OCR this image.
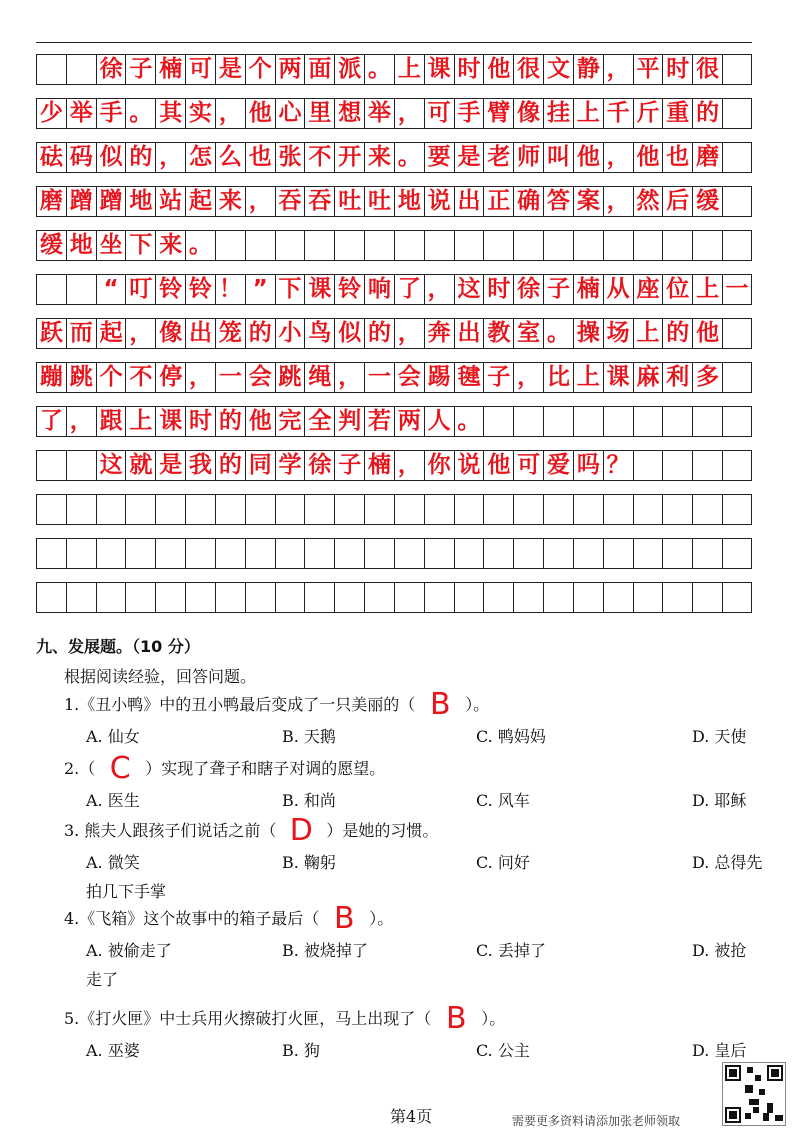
徐 子 楠 可 是 个 两 面 派 。 上 课 时 他 很 文 静 ， 平 时 很
少 举 手 。 其 实 ， 他 心 里 想 举 ， 可 手 臂 像 挂 上 千 斤 重 的
砝 码 似 的 ， 怎 么 也 张 不 开 来 。 要 是 老 师 叫 他 ， 他 也 磨
磨 蹭 蹭 地 站 起 来 ， 吞 吞 吐 吐 地 说 出 正 确 答 案 ， 然 后 缓
缓 地 坐 下 来 。
“ 叮 铃 铃 ！ ” 下 课 铃 响 了 ， 这 时 徐 子 楠 从 座 位 上 一
跃 而 起 ， 像 出 笼 的 小 鸟 似 的 ， 奔 出 教 室 。 操 场 上 的 他
蹦 跳 个 不 停 ， 一 会 跳 绳 ， 一 会 踢 毽 子 ， 比 上 课 麻 利 多
了 ， 跟 上 课 时 的 他 完 全 判 若 两 人 。
这 就 是 我 的 同 学 徐 子 楠 ， 你 说 他 可 爱 吗 ？
九、发展题。（10 分）
根据阅读经验，回答问题。
1.《丑小鸭》中的丑小鸭最后变成了一只美丽的（ B ）。
A. 仙女	B. 天鹅	C. 鸭妈妈	D. 天使
2.（ C ）实现了聋子和瞎子对调的愿望。
A. 医生	B. 和尚	C. 风车	D. 耶稣
3. 熊夫人跟孩子们说话之前（ D ）是她的习惯。
A. 微笑	B. 鞠躬	C. 问好	D. 总得先
拍几下手掌
4.《飞箱》这个故事中的箱子最后（ B ）。
A. 被偷走了	B. 被烧掉了	C. 丢掉了	D. 被抢
走了
5.《打火匣》中士兵用火擦破打火匣，马上出现了（ B ）。
A. 巫婆	B. 狗	C. 公主	D. 皇后
第4页	需要更多资料请添加张老师领取
